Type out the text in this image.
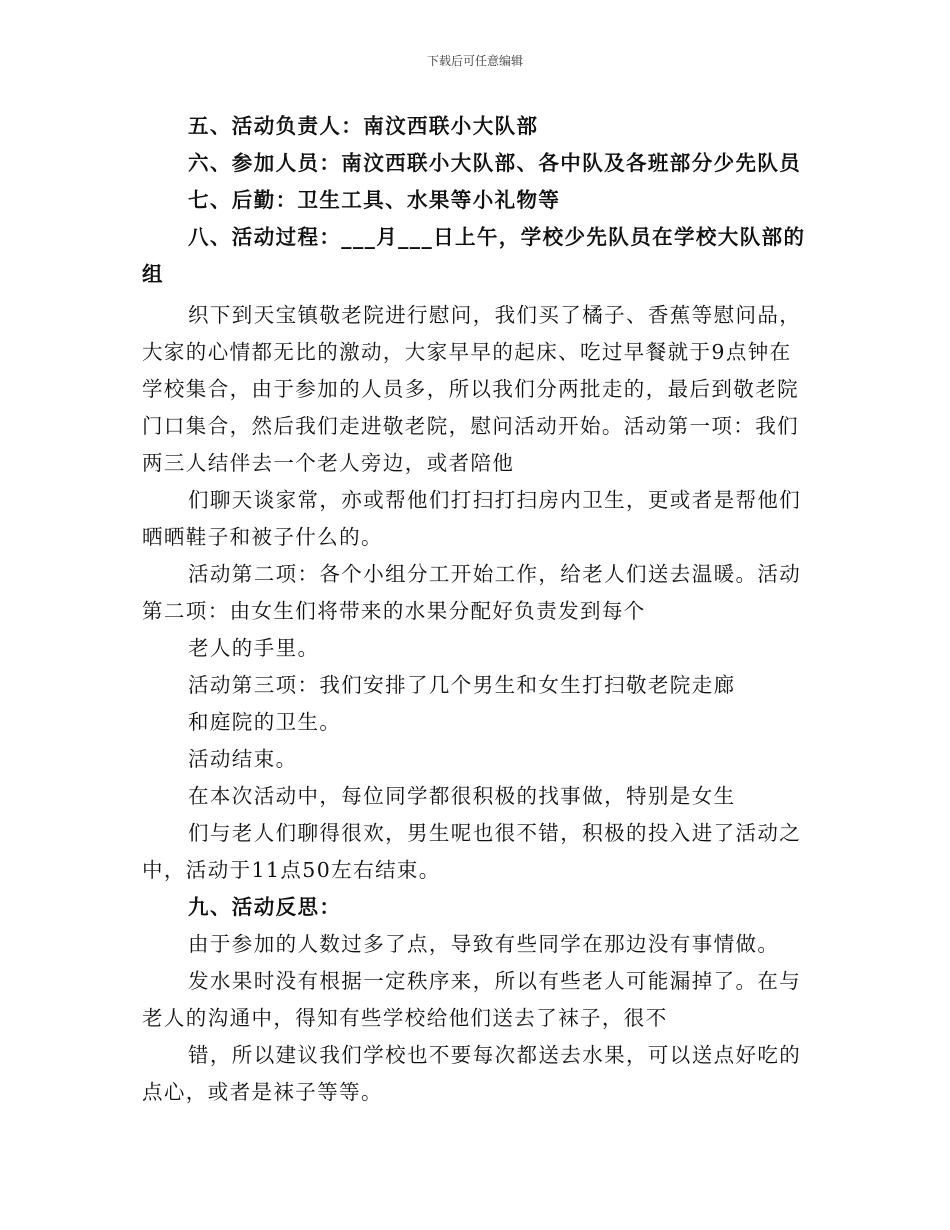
下载后可任意编辑
五、活动负责人：南汶西联小大队部
六、参加人员：南汶西联小大队部、各中队及各班部分少先队员
七、后勤：卫生工具、水果等小礼物等
八、活动过程：___月___日上午，学校少先队员在学校大队部的
组
织下到天宝镇敬老院进行慰问，我们买了橘子、香蕉等慰问品，
大家的心情都无比的激动，大家早早的起床、吃过早餐就于9点钟在
学校集合，由于参加的人员多，所以我们分两批走的，最后到敬老院
门口集合，然后我们走进敬老院，慰问活动开始。活动第一项：我们
两三人结伴去一个老人旁边，或者陪他
们聊天谈家常，亦或帮他们打扫打扫房内卫生，更或者是帮他们
晒晒鞋子和被子什么的。
活动第二项：各个小组分工开始工作，给老人们送去温暖。活动
第二项：由女生们将带来的水果分配好负责发到每个
老人的手里。
活动第三项：我们安排了几个男生和女生打扫敬老院走廊
和庭院的卫生。
活动结束。
在本次活动中，每位同学都很积极的找事做，特别是女生
们与老人们聊得很欢，男生呢也很不错，积极的投入进了活动之
中，活动于11点50左右结束。
九、活动反思：
由于参加的人数过多了点，导致有些同学在那边没有事情做。
发水果时没有根据一定秩序来，所以有些老人可能漏掉了。在与
老人的沟通中，得知有些学校给他们送去了袜子，很不
错，所以建议我们学校也不要每次都送去水果，可以送点好吃的
点心，或者是袜子等等。
